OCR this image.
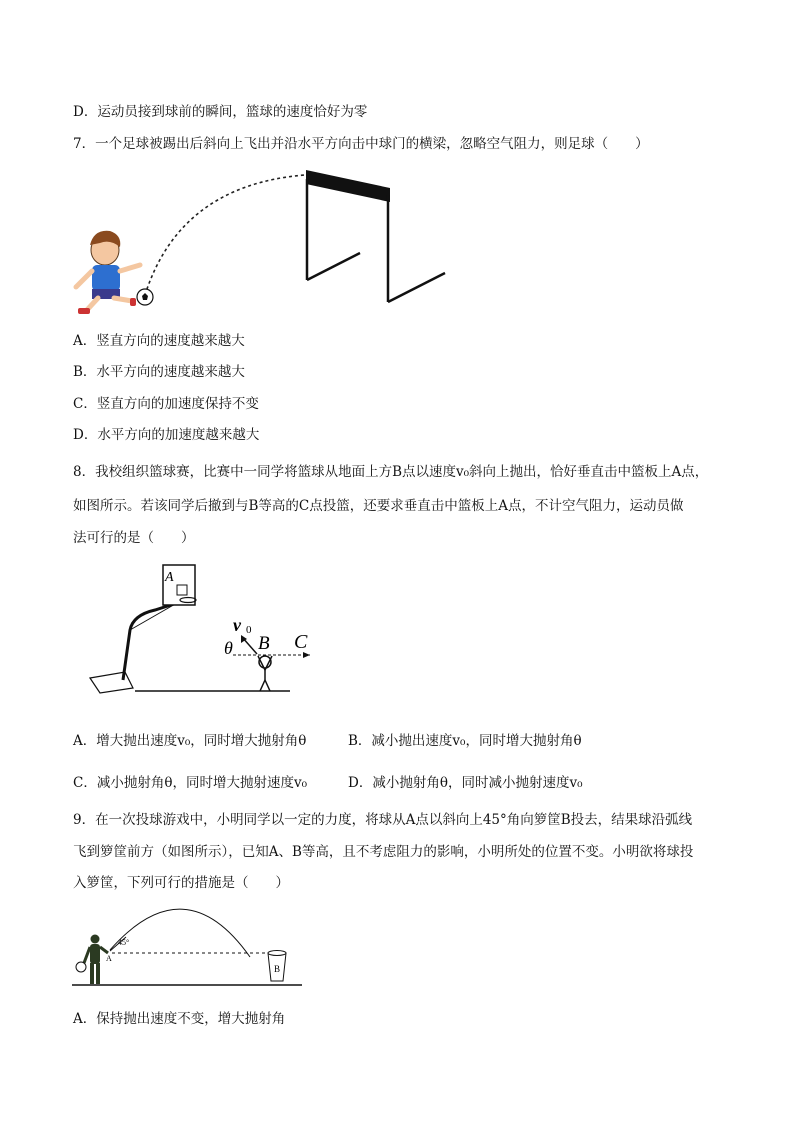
D．运动员接到球前的瞬间，篮球的速度恰好为零
7．一个足球被踢出后斜向上飞出并沿水平方向击中球门的横梁，忽略空气阻力，则足球（　　）
A．竖直方向的速度越来越大
B．水平方向的速度越来越大
C．竖直方向的加速度保持不变
D．水平方向的加速度越来越大
8．我校组织篮球赛，比赛中一同学将篮球从地面上方B点以速度v₀斜向上抛出，恰好垂直击中篮板上A点，
如图所示。若该同学后撤到与B等高的C点投篮，还要求垂直击中篮板上A点，不计空气阻力，运动员做
法可行的是（　　）
A
v 0
θ B C
A．增大抛出速度v₀，同时增大抛射角θ	B．减小抛出速度v₀，同时增大抛射角θ
C．减小抛射角θ，同时增大抛射速度v₀	D．减小抛射角θ，同时减小抛射速度v₀
9．在一次投球游戏中，小明同学以一定的力度，将球从A点以斜向上45°角向箩筐B投去，结果球沿弧线
飞到箩筐前方（如图所示），已知A、B等高，且不考虑阻力的影响，小明所处的位置不变。小明欲将球投
入箩筐，下列可行的措施是（　　）
45°
A
B
A．保持抛出速度不变，增大抛射角
